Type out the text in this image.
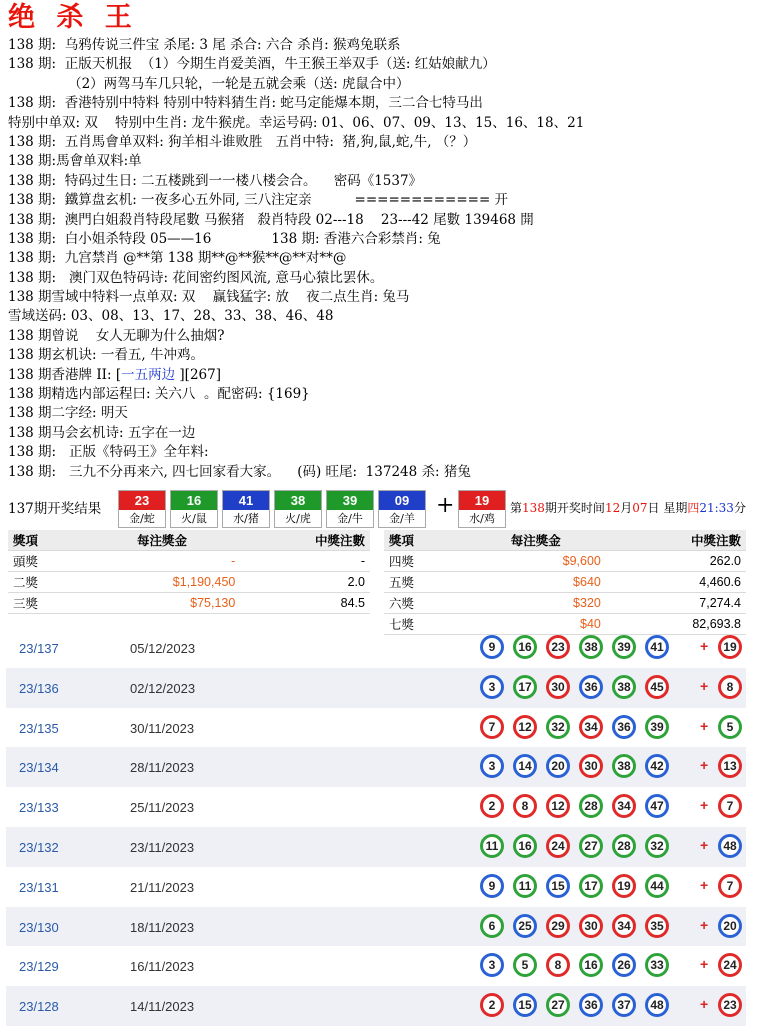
绝 杀 王
138 期:  乌鸦传说三件宝 杀尾: 3 尾 杀合: 六合 杀肖: 猴鸡兔联系
138 期:  正版天机报  （1）今期生肖爱美酒，牛王猴王举双手（送: 红姑娘献九）
（2）两驾马车几只轮，一轮是五就会乘（送: 虎鼠合中）
138 期:  香港特别中特料 特别中特料猜生肖: 蛇马定能爆本期，三二合七特马出
特别中单双: 双    特别中生肖: 龙牛猴虎。幸运号码: 01、06、07、09、13、15、16、18、21
138 期:  五肖馬會单双料: 狗羊相斗谁败胜   五肖中特:  猪,狗,鼠,蛇,牛, （？）
138 期:馬會单双料:单
138 期:  特码过生日: 二五楼跳到一一楼八楼会合。    密码《1537》
138 期:  鐵算盘玄机: 一夜多心五外同, 三八注定亲          ============ 开
138 期:  澳門白姐殺肖特段尾數 马猴猪   殺肖特段 02---18    23---42 尾數 139468 開
138 期:  白小姐杀特段 05——16              138 期: 香港六合彩禁肖: 兔
138 期:  九宫禁肖 @**第 138 期**@**猴**@**对**@
138 期:   澳门双色特码诗: 花间密约图风流, 意马心猿比罢休。
138 期雪域中特料一点单双: 双    赢钱猛字: 放    夜二点生肖: 兔马
雪域送码: 03、08、13、17、28、33、38、46、48
138 期曾说    女人无聊为什么抽烟?
138 期玄机诀: 一看五, 牛冲鸡。
138 期香港牌 II: [一五两边 ][267]
138 期精选内部运程曰: 关六八  。配密码: {169}
138 期二字经: 明天
138 期马会玄机诗: 五字在一边
138 期:   正版《特码王》全年料:
138 期:   三九不分再来六, 四七回家看大家。    (码) 旺尾:  137248 杀: 猪兔
137期开奖结果
23
金/蛇
16
火/鼠
41
水/猪
38
火/虎
39
金/牛
09
金/羊
+	19
水/鸡
第138期开奖时间12月07日 星期四21:33分
獎項	每注獎金	中獎注數
頭獎	-	-
二獎	$1,190,450	2.0
三獎	$75,130	84.5
獎項	每注獎金	中獎注數
四獎	$9,600	262.0
五獎	$640	4,460.6
六獎	$320	7,274.4
七獎	$40	82,693.8
23/137	05/12/2023	9	16	23	38	39	41	+	19
23/136	02/12/2023	3	17	30	36	38	45	+	8
23/135	30/11/2023	7	12	32	34	36	39	+	5
23/134	28/11/2023	3	14	20	30	38	42	+	13
23/133	25/11/2023	2	8	12	28	34	47	+	7
23/132	23/11/2023	11	16	24	27	28	32	+	48
23/131	21/11/2023	9	11	15	17	19	44	+	7
23/130	18/11/2023	6	25	29	30	34	35	+	20
23/129	16/11/2023	3	5	8	16	26	33	+	24
23/128	14/11/2023	2	15	27	36	37	48	+	23
